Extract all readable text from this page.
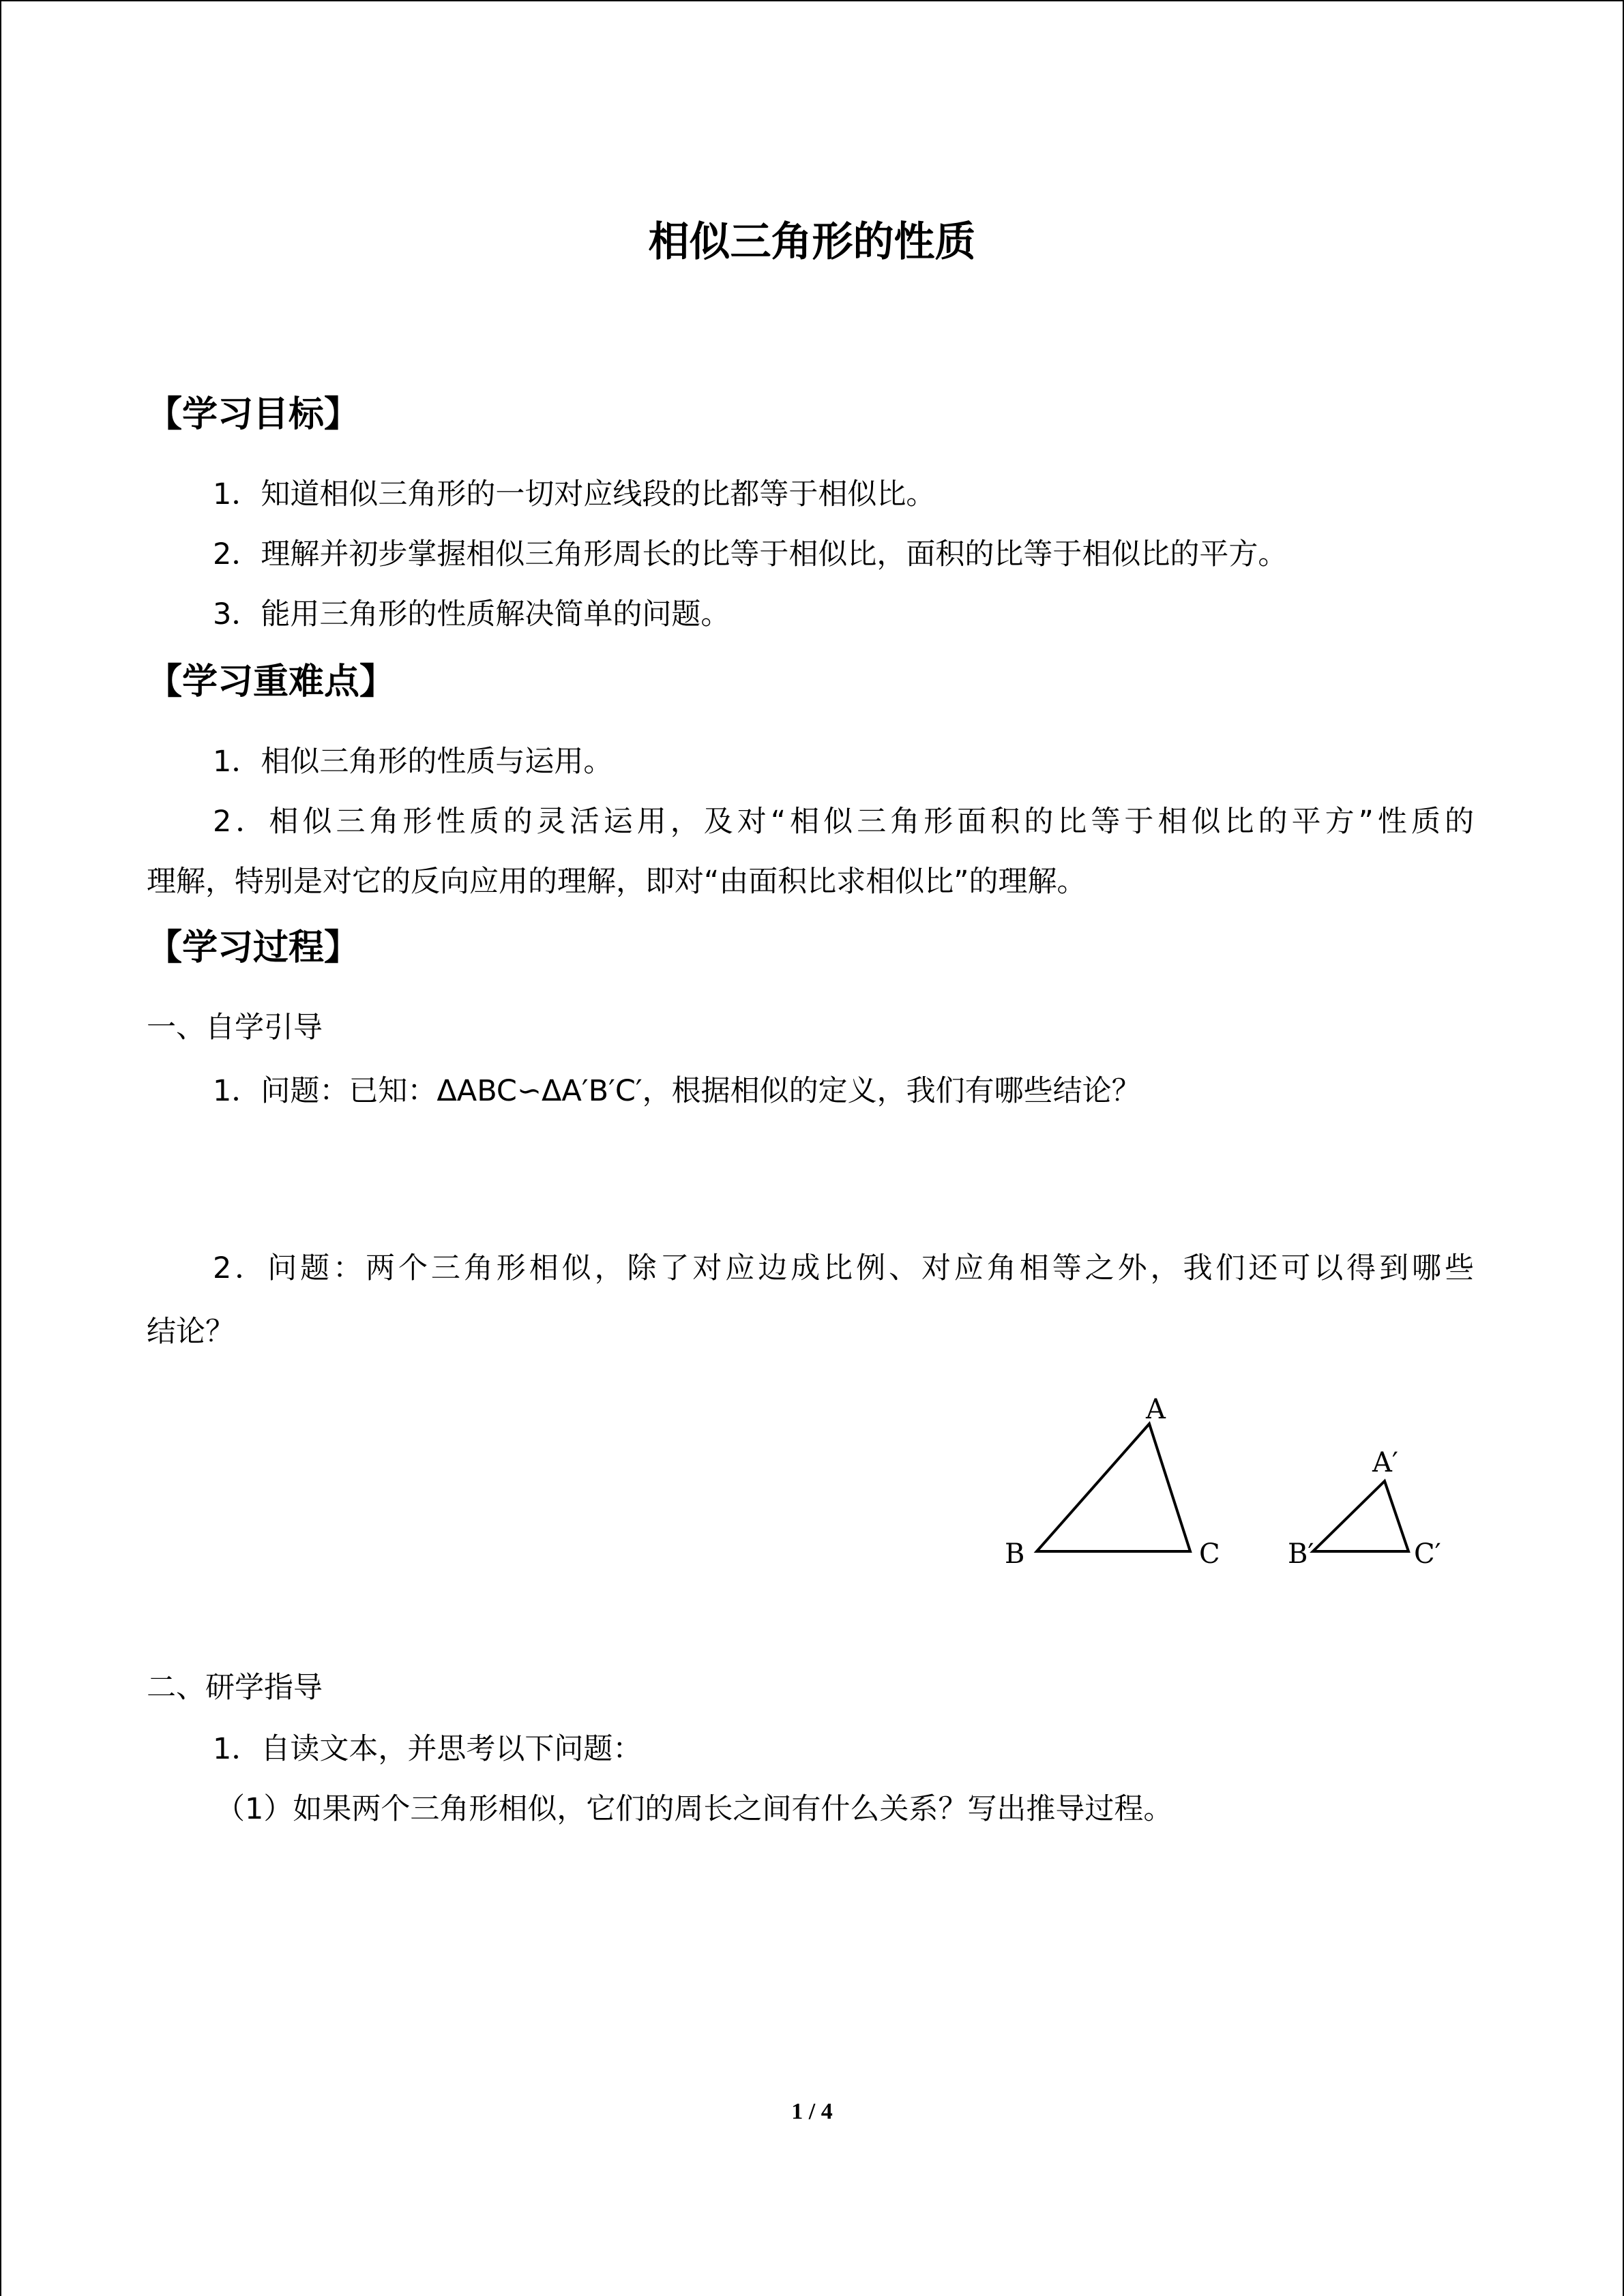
相似三角形的性质
【学习目标】
1．知道相似三角形的一切对应线段的比都等于相似比。
2．理解并初步掌握相似三角形周长的比等于相似比，面积的比等于相似比的平方。
3．能用三角形的性质解决简单的问题。
【学习重难点】
1．相似三角形的性质与运用。
2．相似三角形性质的灵活运用，及对“相似三角形面积的比等于相似比的平方”性质的
理解，特别是对它的反向应用的理解，即对“由面积比求相似比”的理解。
【学习过程】
一、自学引导
1．问题：已知：ΔABC∽ΔA′B′C′，根据相似的定义，我们有哪些结论？
2．问题：两个三角形相似，除了对应边成比例、对应角相等之外，我们还可以得到哪些
结论？
A
B	C
A′
B′	C′
二、研学指导
1．自读文本，并思考以下问题：
（1）如果两个三角形相似，它们的周长之间有什么关系？写出推导过程。
1 / 4
